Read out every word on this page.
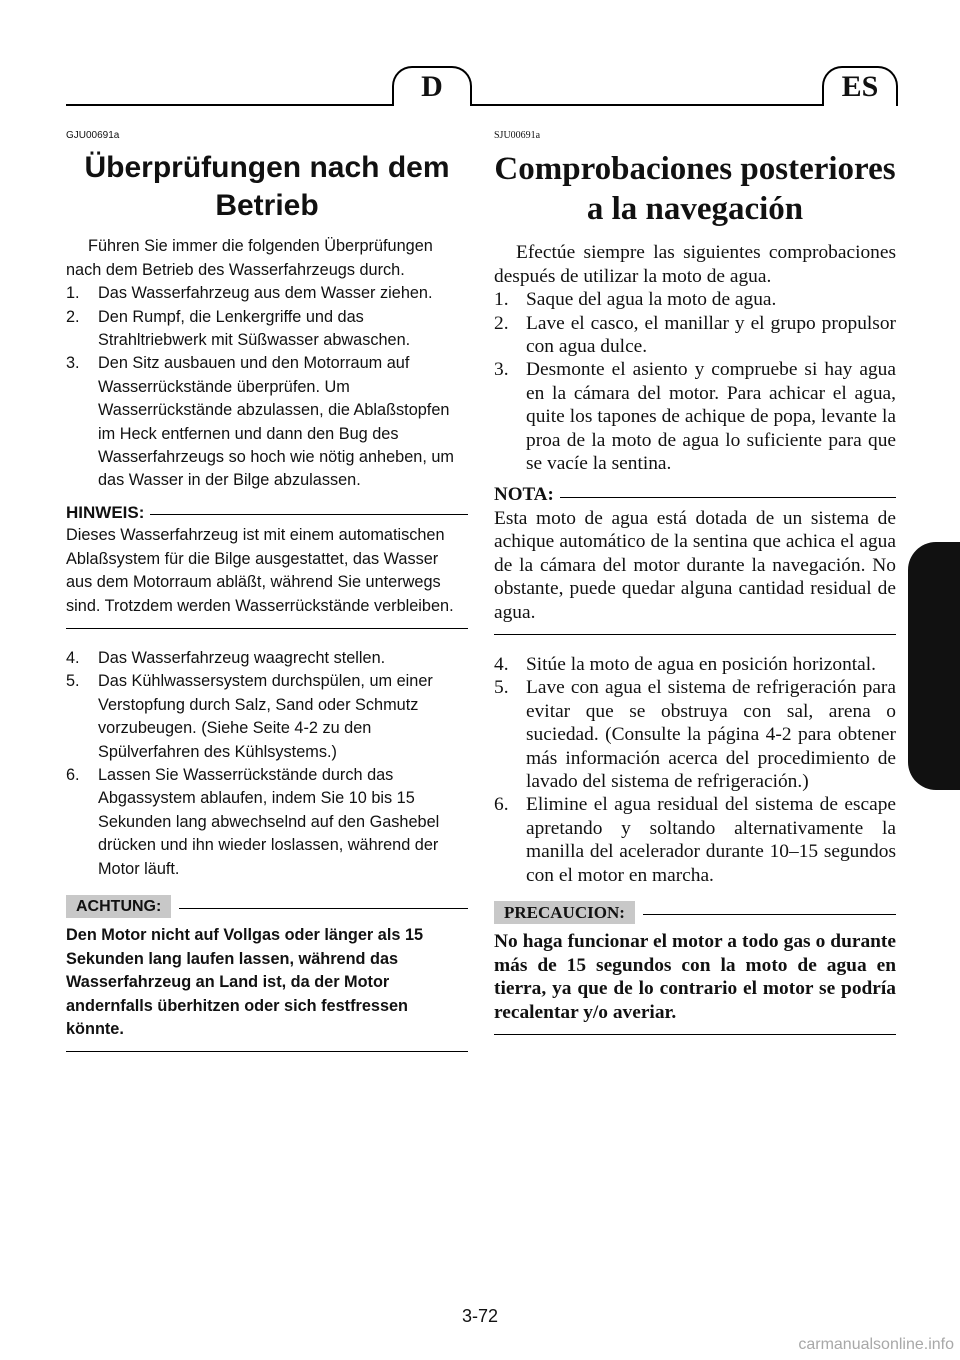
D	ES

GJU00691a

Überprüfungen nach dem Betrieb

Führen Sie immer die folgenden Überprüfungen nach dem Betrieb des Wasserfahrzeugs durch.

1.	Das Wasserfahrzeug aus dem Wasser ziehen.
2.	Den Rumpf, die Lenkergriffe und das Strahltriebwerk mit Süßwasser abwaschen.
3.	Den Sitz ausbauen und den Motorraum auf Wasserrückstände überprüfen. Um Wasserrückstände abzulassen, die Ablaßstopfen im Heck entfernen und dann den Bug des Wasserfahrzeugs so hoch wie nötig anheben, um das Wasser in der Bilge abzulassen.
HINWEIS:

Dieses Wasserfahrzeug ist mit einem automatischen Ablaßsystem für die Bilge ausgestattet, das Wasser aus dem Motorraum abläßt, während Sie unterwegs sind. Trotzdem werden Wasserrückstände verbleiben.

4.	Das Wasserfahrzeug waagrecht stellen.
5.	Das Kühlwassersystem durchspülen, um einer Verstopfung durch Salz, Sand oder Schmutz vorzubeugen. (Siehe Seite 4-2 zu den Spülverfahren des Kühlsystems.)
6.	Lassen Sie Wasserrückstände durch das Abgassystem ablaufen, indem Sie 10 bis 15 Sekunden lang abwechselnd auf den Gashebel drücken und ihn wieder loslassen, während der Motor läuft.
ACHTUNG:

Den Motor nicht auf Vollgas oder länger als 15 Sekunden lang laufen lassen, während das Wasserfahrzeug an Land ist, da der Motor andernfalls überhitzen oder sich festfressen könnte.

SJU00691a

Comprobaciones posteriores a la navegación

Efectúe siempre las siguientes comprobaciones después de utilizar la moto de agua.

1. Saque del agua la moto de agua.
2. Lave el casco, el manillar y el grupo propulsor con agua dulce.
3. Desmonte el asiento y compruebe si hay agua en la cámara del motor. Para achicar el agua, quite los tapones de achique de popa, levante la proa de la moto de agua lo suficiente para que se vacíe la sentina.
NOTA:

Esta moto de agua está dotada de un sistema de achique automático de la sentina que achica el agua de la cámara del motor durante la navegación. No obstante, puede quedar alguna cantidad residual de agua.

4. Sitúe la moto de agua en posición horizontal.
5. Lave con agua el sistema de refrigeración para evitar que se obstruya con sal, arena o suciedad. (Consulte la página 4-2 para obtener más información acerca del procedimiento de lavado del sistema de refrigeración.)
6. Elimine el agua residual del sistema de escape apretando y soltando alternativamente la manilla del acelerador durante 10–15 segundos con el motor en marcha.
PRECAUCION:

No haga funcionar el motor a todo gas o durante más de 15 segundos con la moto de agua en tierra, ya que de lo contrario el motor se podría recalentar y/o averiar.

3-72
carmanualsonline.info
